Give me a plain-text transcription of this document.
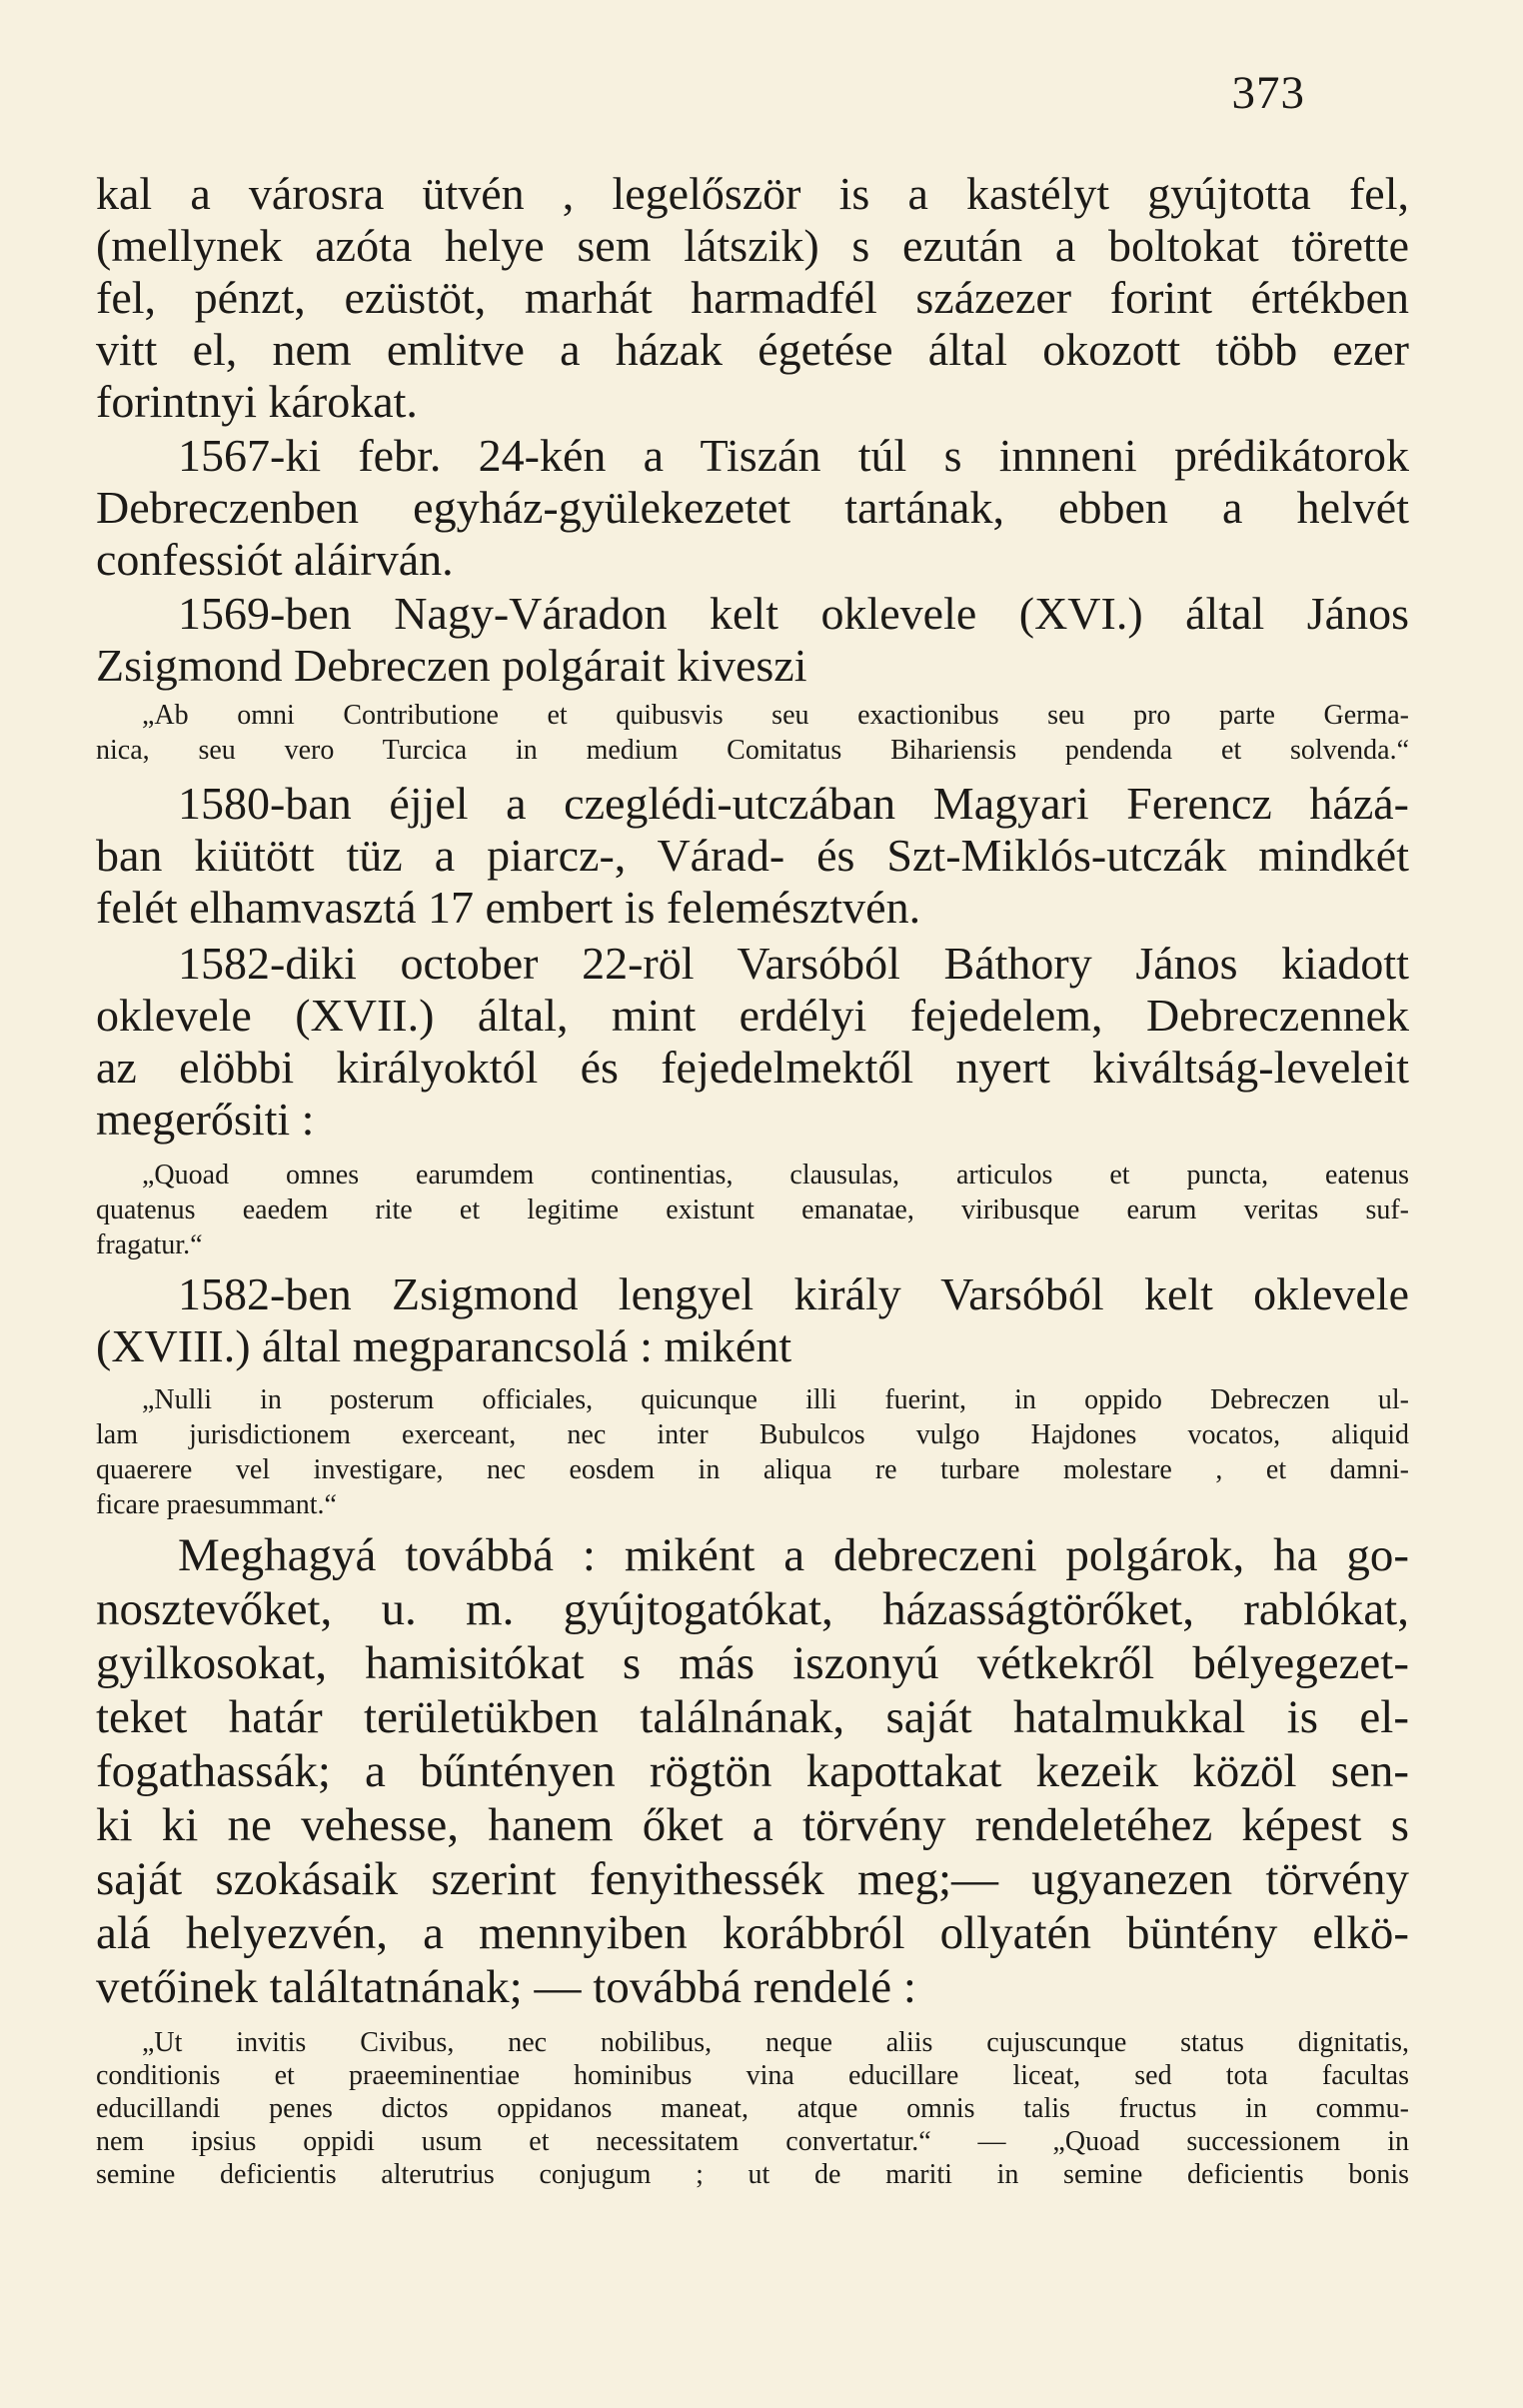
373
kal a városra ütvén , legelőször is a kastélyt gyújtotta fel,
(mellynek azóta helye sem látszik) s ezután a boltokat törette
fel, pénzt, ezüstöt, marhát harmadfél százezer forint értékben
vitt el, nem emlitve a házak égetése által okozott több ezer
forintnyi károkat.
1567-ki febr. 24-kén a Tiszán túl s innneni prédikátorok
Debreczenben egyház-gyülekezetet tartának, ebben a helvét
confessiót aláirván.
1569-ben Nagy-Váradon kelt oklevele (XVI.) által János
Zsigmond Debreczen polgárait kiveszi
„Ab omni Contributione et quibusvis seu exactionibus seu pro parte Germa-
nica, seu vero Turcica in medium Comitatus Bihariensis pendenda et solvenda.“
1580-ban éjjel a czeglédi-utczában Magyari Ferencz házá-
ban kiütött tüz a piarcz-, Várad- és Szt-Miklós-utczák mindkét
felét elhamvasztá 17 embert is felemésztvén.
1582-diki october 22-röl Varsóból Báthory János kiadott
oklevele (XVII.) által, mint erdélyi fejedelem, Debreczennek
az elöbbi királyoktól és fejedelmektől nyert kiváltság-leveleit
megerősiti :
„Quoad omnes earumdem continentias, clausulas, articulos et puncta, eatenus
quatenus eaedem rite et legitime existunt emanatae, viribusque earum veritas suf-
fragatur.“
1582-ben Zsigmond lengyel király Varsóból kelt oklevele
(XVIII.) által megparancsolá : miként
„Nulli in posterum officiales, quicunque illi fuerint, in oppido Debreczen ul-
lam jurisdictionem exerceant, nec inter Bubulcos vulgo Hajdones vocatos, aliquid
quaerere vel investigare, nec eosdem in aliqua re turbare molestare , et damni-
ficare praesummant.“
Meghagyá továbbá : miként a debreczeni polgárok, ha go-
nosztevőket, u. m. gyújtogatókat, házasságtörőket, rablókat,
gyilkosokat, hamisitókat s más iszonyú vétkekről bélyegezet-
teket határ területükben találnának, saját hatalmukkal is el-
fogathassák; a bűntényen rögtön kapottakat kezeik közöl sen-
ki ki ne vehesse, hanem őket a törvény rendeletéhez képest s
saját szokásaik szerint fenyithessék meg;— ugyanezen törvény
alá helyezvén, a mennyiben korábbról ollyatén büntény elkö-
vetőinek találtatnának; — továbbá rendelé :
„Ut invitis Civibus, nec nobilibus, neque aliis cujuscunque status dignitatis,
conditionis et praeeminentiae hominibus vina educillare liceat, sed tota facultas
educillandi penes dictos oppidanos maneat, atque omnis talis fructus in commu-
nem ipsius oppidi usum et necessitatem convertatur.“ — „Quoad successionem in
semine deficientis alterutrius conjugum ; ut de mariti in semine deficientis bonis
